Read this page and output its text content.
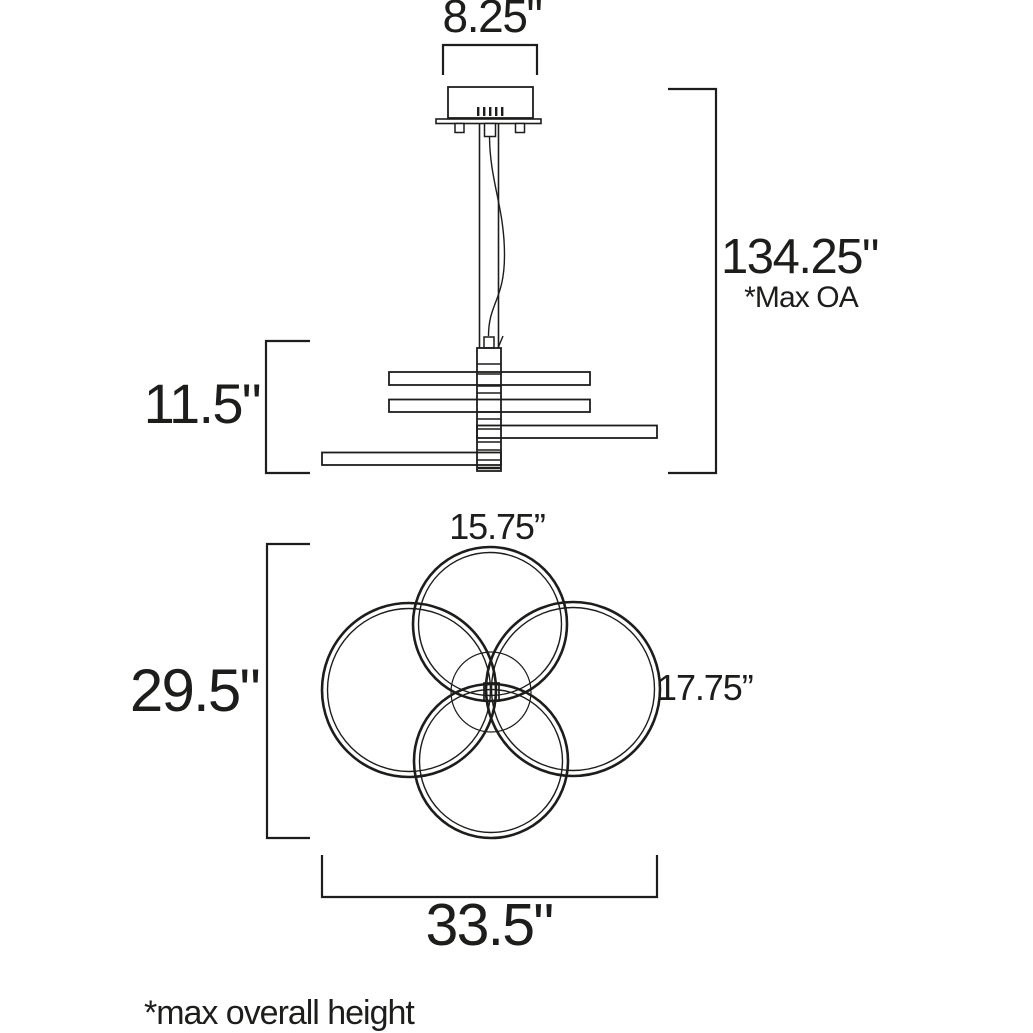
8.25"
134.25"
*Max OA
11.5"
15.75”
17.75”
29.5"
33.5"
*max overall height
